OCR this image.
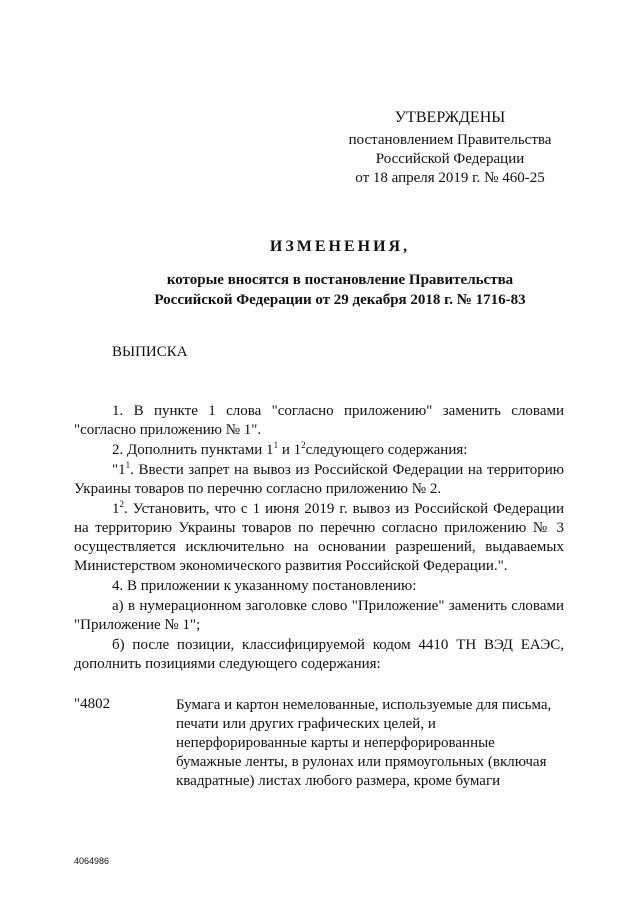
УТВЕРЖДЕНЫ
постановлением Правительства
Российской Федерации
от 18 апреля 2019 г. № 460-25
ИЗМЕНЕНИЯ,
которые вносятся в постановление Правительства
Российской Федерации от 29 декабря 2018 г. № 1716-83
ВЫПИСКА

1. В пункте 1 слова "согласно приложению" заменить словами "согласно приложению № 1".

2. Дополнить пунктами $1^1$ и $1^2следующего$ содержания:

"$1^1$. Ввести запрет на вывоз из Российской Федерации на территорию Украины товаров по перечню согласно приложению № 2.

$1^2$. Установить, что с 1 июня 2019 г. вывоз из Российской Федерации на территорию Украины товаров по перечню согласно приложению № 3 осуществляется исключительно на основании разрешений, выдаваемых Министерством экономического развития Российской Федерации.".

4. В приложении к указанному постановлению:

а) в нумерационном заголовке слово "Приложение" заменить словами "Приложение № 1";

б) после позиции, классифицируемой кодом 4410 ТН ВЭД ЕАЭС, дополнить позициями следующего содержания:

"4802	Бумага и картон немелованные, используемые для письма,
печати или других графических целей, и
неперфорированные карты и неперфорированные
бумажные ленты, в рулонах или прямоугольных (включая
квадратные) листах любого размера, кроме бумаги
4064986
